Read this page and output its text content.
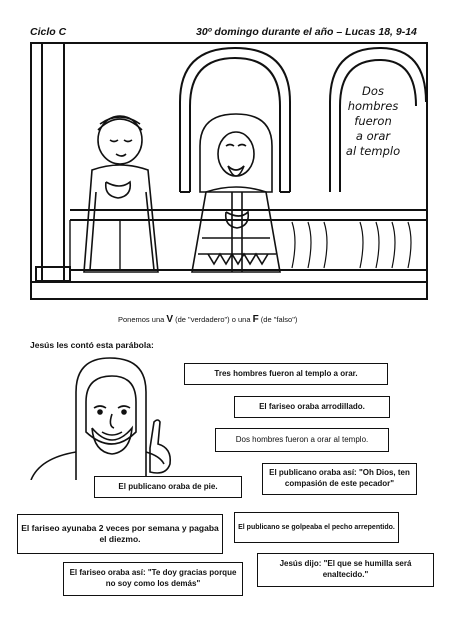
Ciclo C	30º domingo durante el año – Lucas 18, 9-14
Dos
hombres
fueron
a orar
al templo
Ponemos una V (de "verdadero") o una F (de "falso")
Jesús les contó esta parábola:
Tres hombres fueron al templo a orar.
El fariseo oraba arrodillado.
Dos hombres fueron a orar al templo.
El publicano oraba así: "Oh Dios, ten compasión de este pecador"
El publicano oraba de pie.
El fariseo ayunaba 2 veces por semana y pagaba el diezmo.
El publicano se golpeaba el pecho arrepentido.
Jesús dijo: "El que se humilla será enaltecido."
El fariseo oraba así: "Te doy gracias porque no soy como los demás"
